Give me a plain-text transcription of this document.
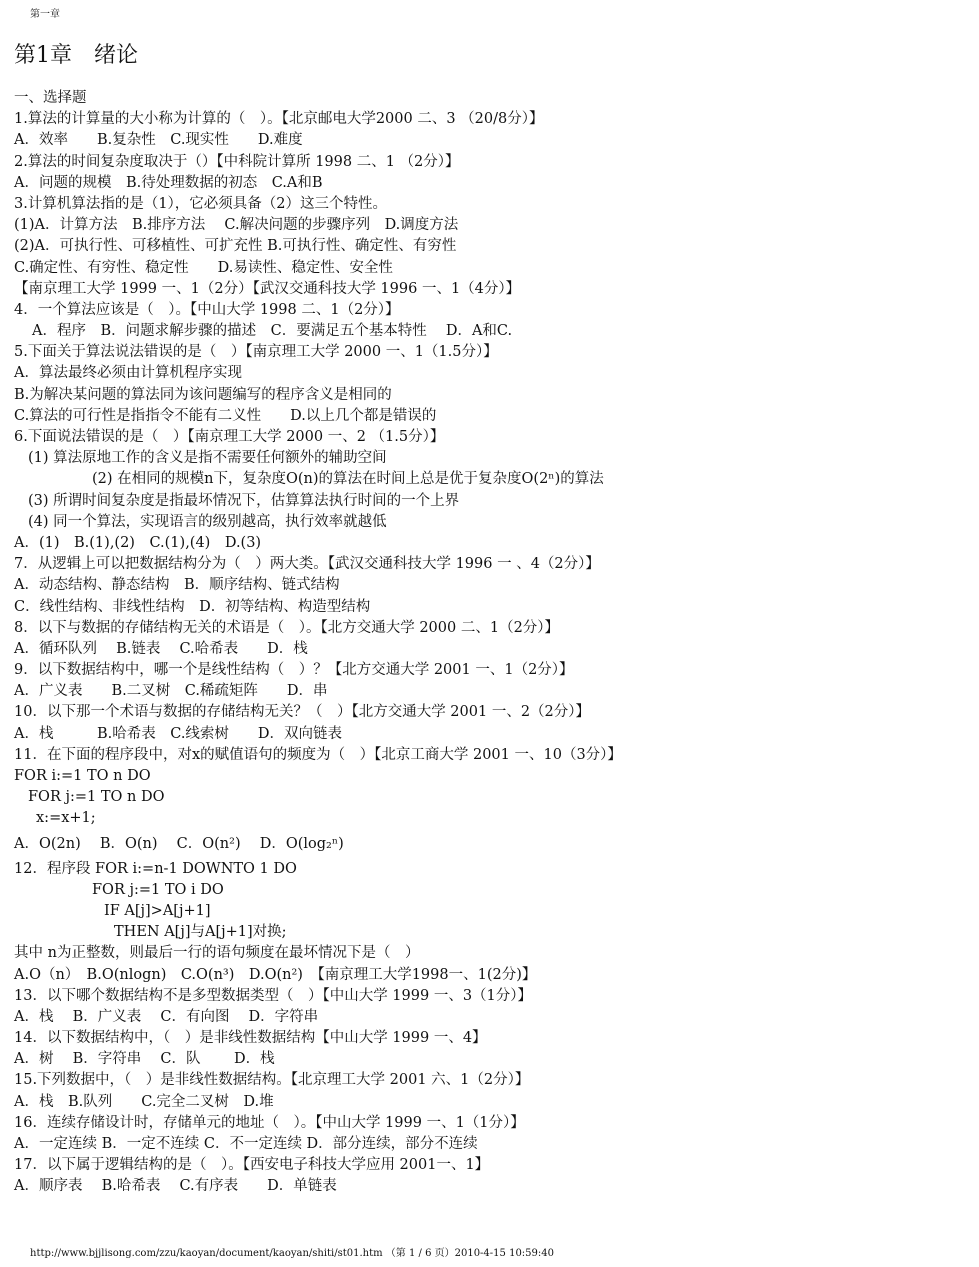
第一章
第1章　绪论
一、选择题
1.算法的计算量的大小称为计算的（　）。【北京邮电大学2000 二、3 （20/8分）】
A．效率　　B.复杂性　C.现实性　　D.难度
2.算法的时间复杂度取决于（）【中科院计算所 1998 二、1 （2分）】
A．问题的规模　B.待处理数据的初态　C.A和B
3.计算机算法指的是（1），它必须具备（2）这三个特性。
(1)A．计算方法　B.排序方法　 C.解决问题的步骤序列　D.调度方法
(2)A．可执行性、可移植性、可扩充性 B.可执行性、确定性、有穷性
C.确定性、有穷性、稳定性　　D.易读性、稳定性、安全性
【南京理工大学 1999 一、1（2分）【武汉交通科技大学 1996 一、1（4分）】
4．一个算法应该是（　）。【中山大学 1998 二、1（2分）】
A．程序　B．问题求解步骤的描述　C．要满足五个基本特性　 D．A和C.
5.下面关于算法说法错误的是（　）【南京理工大学 2000 一、1（1.5分）】
A．算法最终必须由计算机程序实现
B.为解决某问题的算法同为该问题编写的程序含义是相同的
C.算法的可行性是指指令不能有二义性　　D.以上几个都是错误的
6.下面说法错误的是（　）【南京理工大学 2000 一、2 （1.5分）】
(1) 算法原地工作的含义是指不需要任何额外的辅助空间
(2) 在相同的规模n下，复杂度O(n)的算法在时间上总是优于复杂度O(2ⁿ)的算法
(3) 所谓时间复杂度是指最坏情况下，估算算法执行时间的一个上界
(4) 同一个算法，实现语言的级别越高，执行效率就越低
A．(1)　B.(1),(2)　C.(1),(4)　D.(3)
7．从逻辑上可以把数据结构分为（　）两大类。【武汉交通科技大学 1996 一 、4（2分）】
A．动态结构、静态结构　B．顺序结构、链式结构
C．线性结构、非线性结构　D．初等结构、构造型结构
8．以下与数据的存储结构无关的术语是（　）。【北方交通大学 2000 二、1（2分）】
A．循环队列　 B.链表　 C.哈希表　　D．栈
9．以下数据结构中，哪一个是线性结构（　）？【北方交通大学 2001 一、1（2分）】
A．广义表　　B.二叉树　C.稀疏矩阵　　D．串
10．以下那一个术语与数据的存储结构无关？（　）【北方交通大学 2001 一、2（2分）】
A．栈　　　B.哈希表　C.线索树　　D．双向链表
11．在下面的程序段中，对x的赋值语句的频度为（　）【北京工商大学 2001 一、10（3分）】
FOR i:=1 TO n DO
FOR j:=1 TO n DO
x:=x+1;
A．O(2n)　 B．O(n)　 C．O(n²)　 D．O(log₂ⁿ)
12．程序段 FOR i:=n-1 DOWNTO 1 DO
FOR j:=1 TO i DO
IF A[j]>A[j+1]
THEN A[j]与A[j+1]对换;
其中 n为正整数，则最后一行的语句频度在最坏情况下是（　）
A.O（n）　B.O(nlogn)　C.O(n³)　D.O(n²)　【南京理工大学1998一、1(2分)】
13．以下哪个数据结构不是多型数据类型（　）【中山大学 1999 一、3（1分）】
A．栈　 B．广义表　 C．有向图　 D．字符串
14．以下数据结构中，（　）是非线性数据结构【中山大学 1999 一、4】
A．树　 B．字符串　 C．队　　 D．栈
15.下列数据中，（　）是非线性数据结构。【北京理工大学 2001 六、1（2分）】
A．栈　B.队列　　C.完全二叉树　D.堆
16．连续存储设计时，存储单元的地址（　）。【中山大学 1999 一、1（1分）】
A．一定连续 B．一定不连续 C．不一定连续 D．部分连续，部分不连续
17．以下属于逻辑结构的是（　）。【西安电子科技大学应用 2001一、1】
A．顺序表　 B.哈希表　 C.有序表　　D．单链表
http://www.bjjlisong.com/zzu/kaoyan/document/kaoyan/shiti/st01.htm （第 1 / 6 页）2010-4-15 10:59:40
